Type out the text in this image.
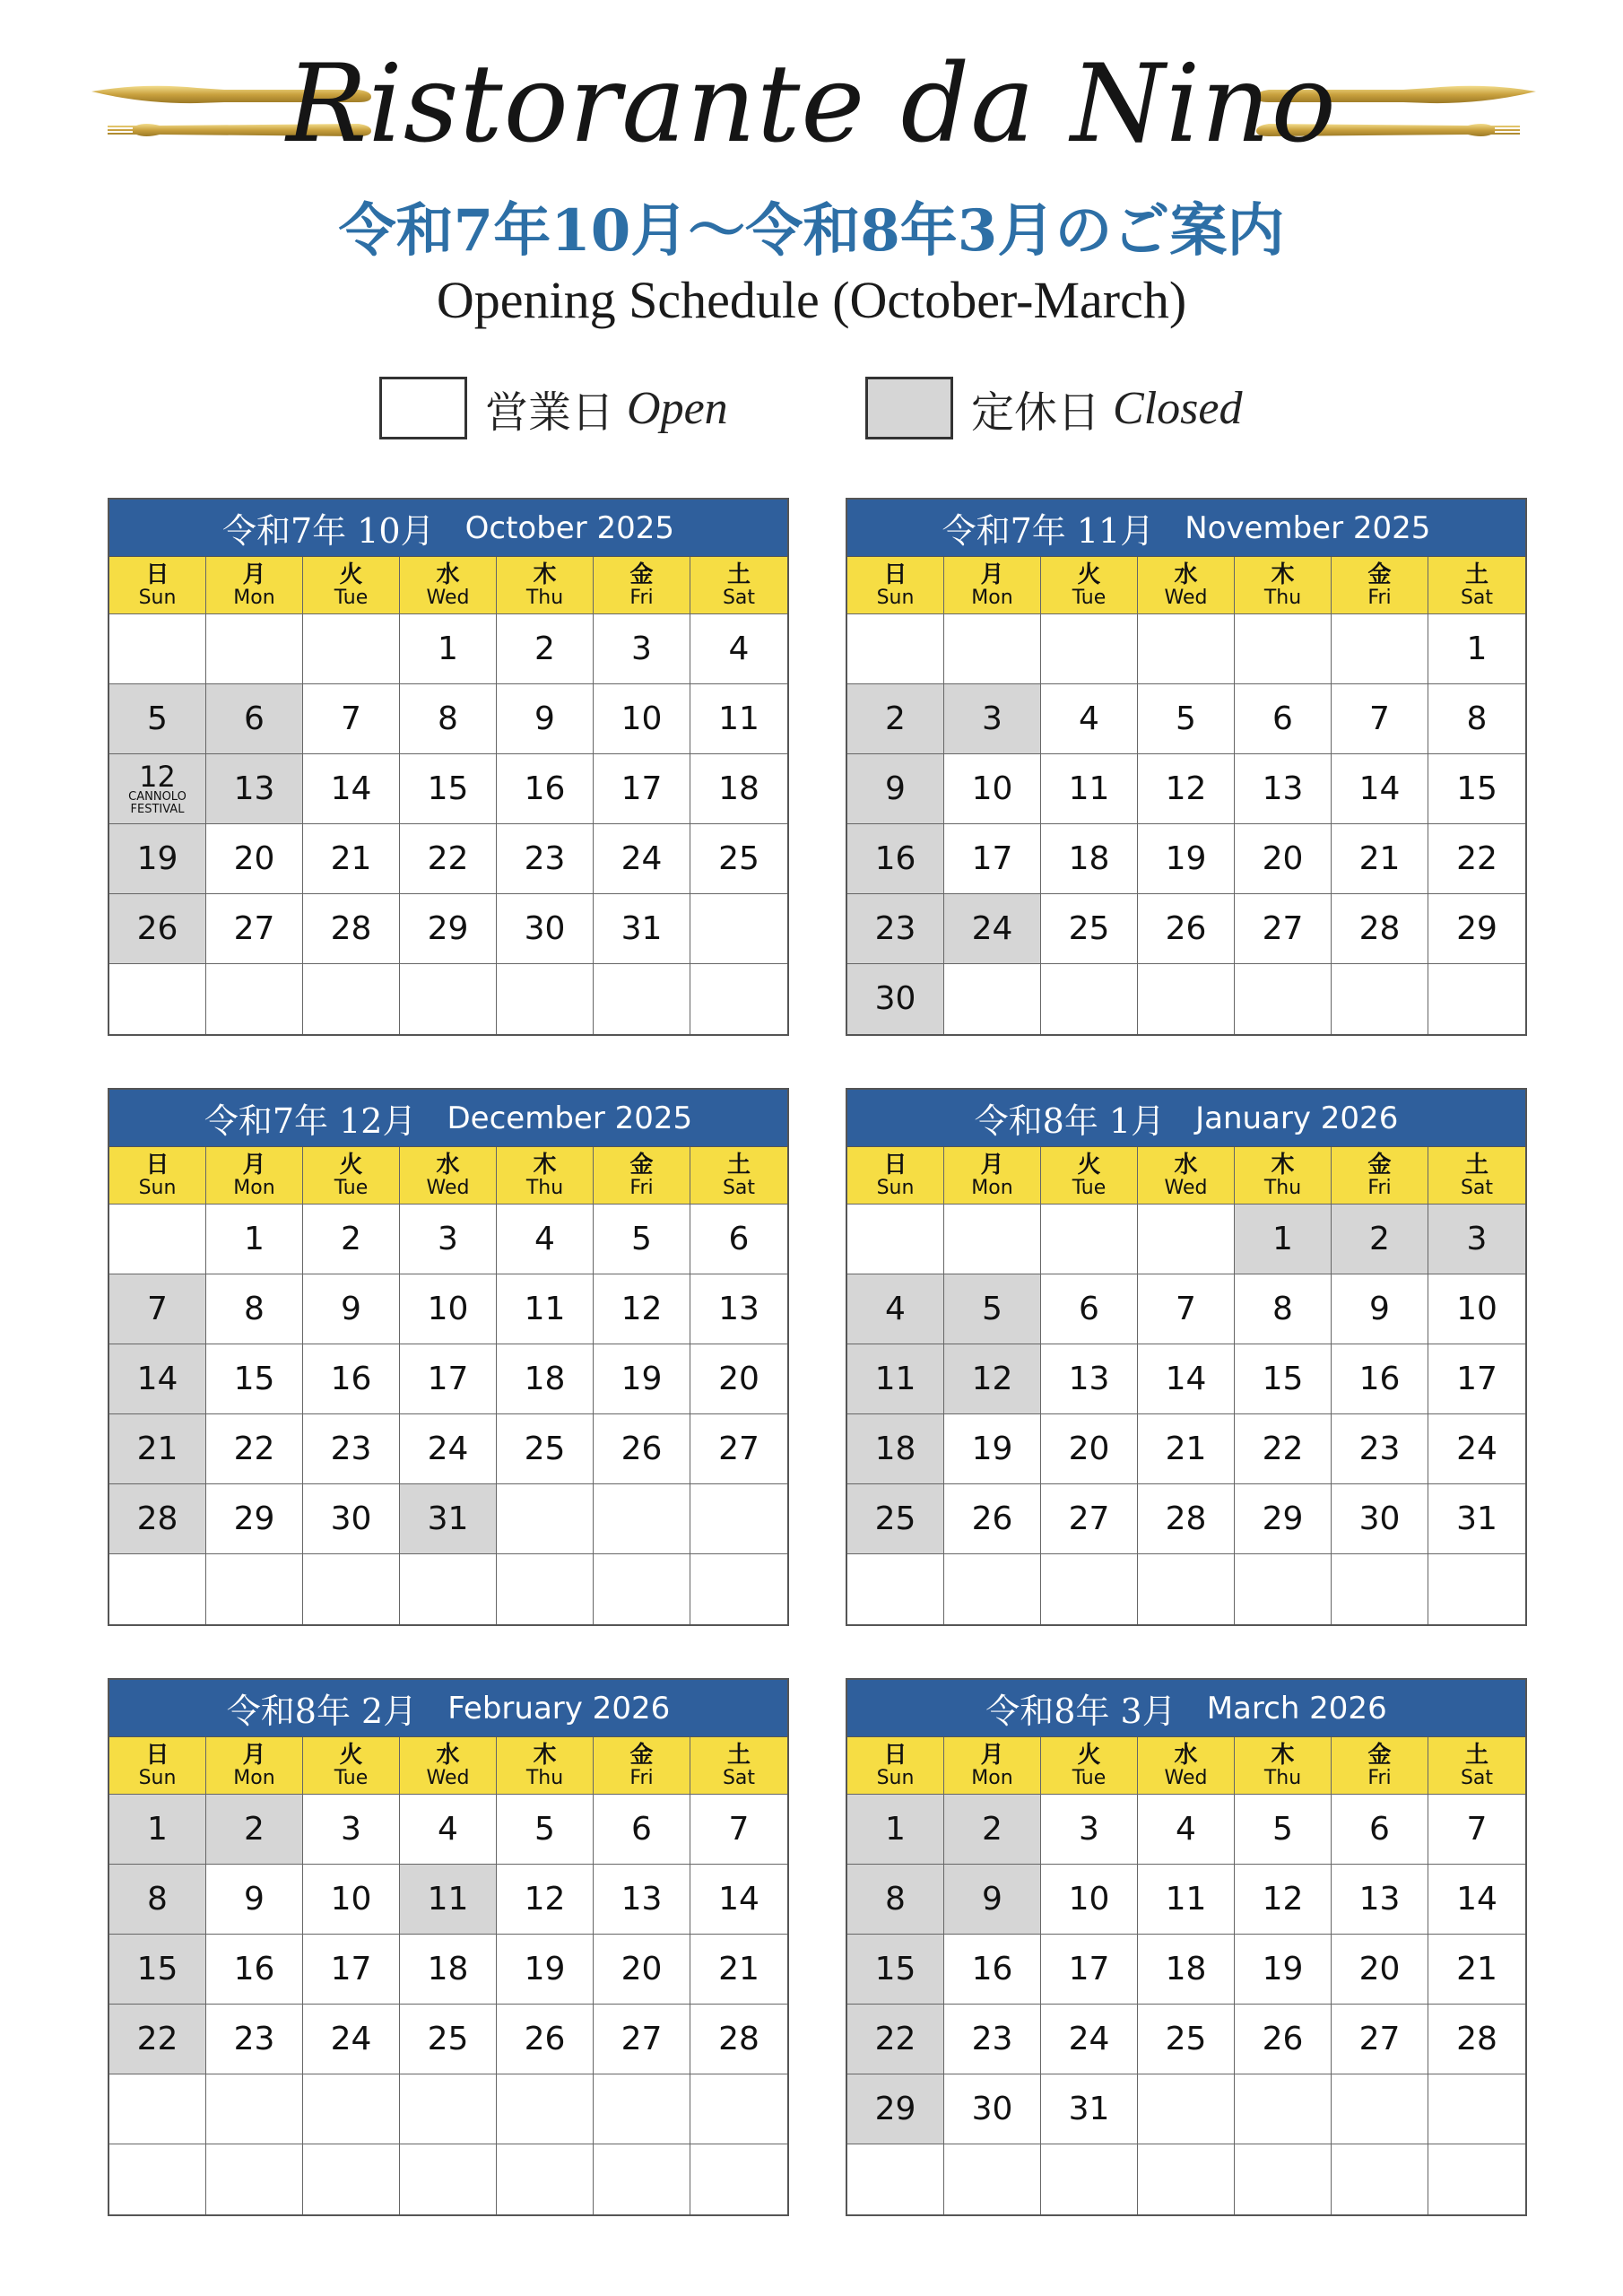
Ristorante da Nino
令和7年10月～令和8年3月のご案内
Opening Schedule (October-March)
営業日 Open	定休日 Closed
令和7年 10月 October 2025
日
Sun
月
Mon
火
Tue
水
Wed
木
Thu
金
Fri
土
Sat
1 2 3 4
5 6 7 8 9 10 11
12
CANNOLO
FESTIVAL
13 14 15 16 17 18
19 20 21 22 23 24 25
26 27 28 29 30 31
令和7年 11月 November 2025
日
Sun
月
Mon
火
Tue
水
Wed
木
Thu
金
Fri
土
Sat
1
2 3 4 5 6 7 8
9 10 11 12 13 14 15
16 17 18 19 20 21 22
23 24 25 26 27 28 29
30
令和7年 12月 December 2025
日
Sun
月
Mon
火
Tue
水
Wed
木
Thu
金
Fri
土
Sat
1 2 3 4 5 6
7 8 9 10 11 12 13
14 15 16 17 18 19 20
21 22 23 24 25 26 27
28 29 30 31
令和8年 1月 January 2026
日
Sun
月
Mon
火
Tue
水
Wed
木
Thu
金
Fri
土
Sat
1 2 3
4 5 6 7 8 9 10
11 12 13 14 15 16 17
18 19 20 21 22 23 24
25 26 27 28 29 30 31
令和8年 2月 February 2026
日
Sun
月
Mon
火
Tue
水
Wed
木
Thu
金
Fri
土
Sat
1 2 3 4 5 6 7
8 9 10 11 12 13 14
15 16 17 18 19 20 21
22 23 24 25 26 27 28
令和8年 3月 March 2026
日
Sun
月
Mon
火
Tue
水
Wed
木
Thu
金
Fri
土
Sat
1 2 3 4 5 6 7
8 9 10 11 12 13 14
15 16 17 18 19 20 21
22 23 24 25 26 27 28
29 30 31
